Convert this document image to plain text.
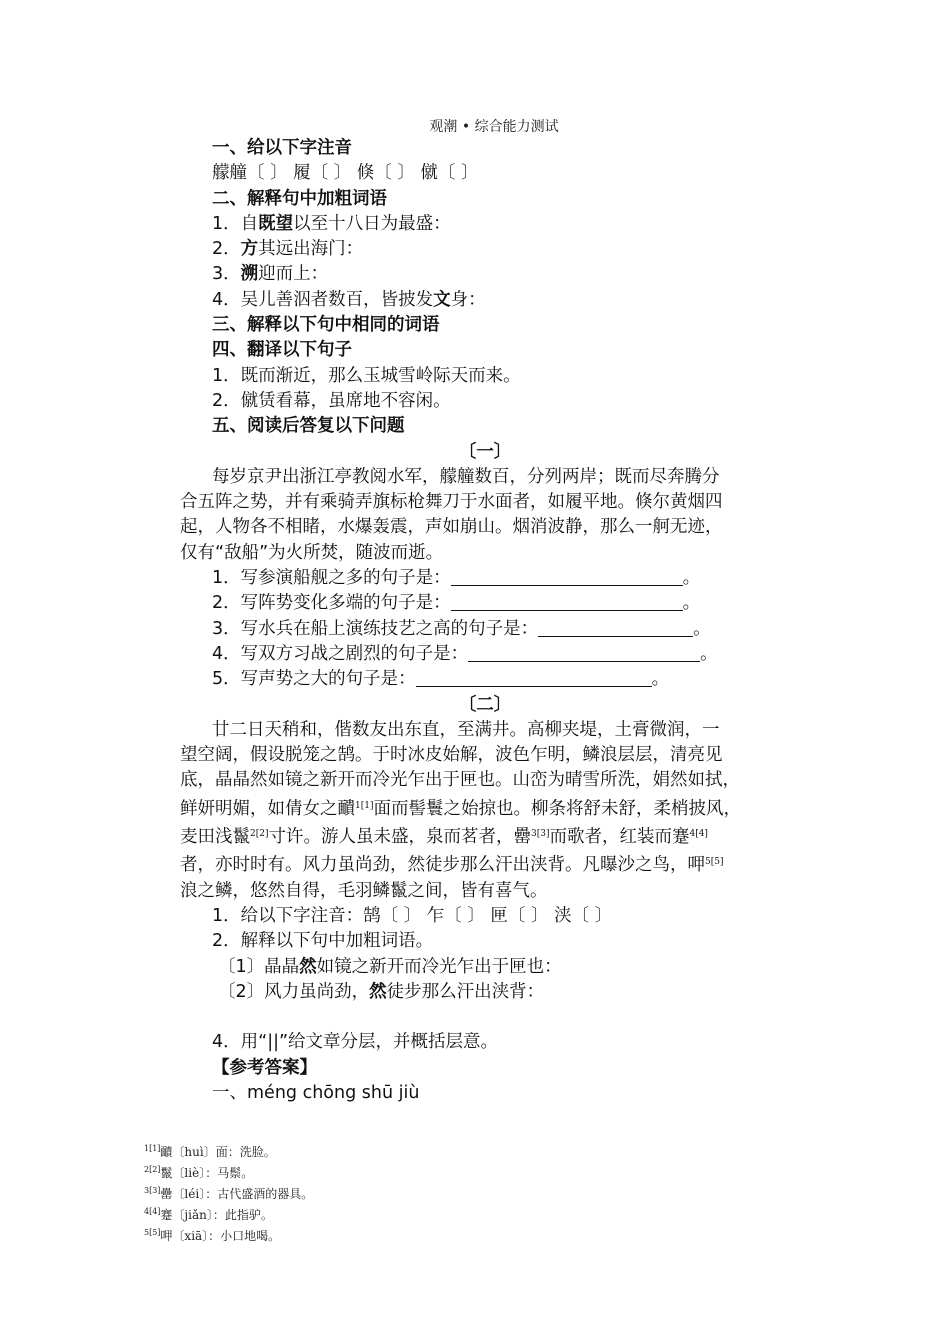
观潮 • 综合能力测试
一、给以下字注音
艨艟〔 〕 履〔 〕 倏〔 〕 僦〔 〕
二、解释句中加粗词语
1．自既望以至十八日为最盛：
2．方其远出海门：
3．溯迎而上：
4．吴儿善泅者数百，皆披发文身：
三、解释以下句中相同的词语
四、翻译以下句子
1．既而渐近，那么玉城雪岭际天而来。
2．僦赁看幕，虽席地不容闲。
五、阅读后答复以下问题
〔一〕
每岁京尹出浙江亭教阅水军，艨艟数百，分列两岸；既而尽奔腾分
合五阵之势，并有乘骑弄旗标枪舞刀于水面者，如履平地。倏尔黄烟四
起，人物各不相睹，水爆轰震，声如崩山。烟消波静，那么一舸无迹，
仅有“敌船”为火所焚，随波而逝。
1．写参演船舰之多的句子是：	。
2．写阵势变化多端的句子是：	。
3．写水兵在船上演练技艺之高的句子是：	。
4．写双方习战之剧烈的句子是：	。
5．写声势之大的句子是：	。
〔二〕
廿二日天稍和，偕数友出东直，至满井。高柳夹堤，土膏微润，一
望空阔，假设脱笼之鹄。于时冰皮始解，波色乍明，鳞浪层层，清亮见
底，晶晶然如镜之新开而冷光乍出于匣也。山峦为晴雪所洗，娟然如拭，
鲜妍明媚，如倩女之靧$^{1[1]}$面而髻鬟之始掠也。柳条将舒未舒，柔梢披风，
麦田浅鬣$^{2[2]}$寸许。游人虽未盛，泉而茗者，罍$^{3[3]}$而歌者，红装而蹇$^{4[4]}$
者，亦时时有。风力虽尚劲，然徒步那么汗出浃背。凡曝沙之鸟，呷$^{5[5]}$
浪之鳞，悠然自得，毛羽鳞鬣之间，皆有喜气。
1．给以下字注音：鹄〔 〕 乍〔 〕 匣〔 〕 浃〔 〕
2．解释以下句中加粗词语。
〔1〕晶晶然如镜之新开而冷光乍出于匣也：
〔2〕风力虽尚劲，然徒步那么汗出浃背：
4．用“||”给文章分层，并概括层意。
【参考答案】
一、méng chōng shū jiù
$^{1[1]}$靧〔huì〕面：洗脸。
$^{2[2]}$鬣〔liè〕：马鬃。
$^{3[3]}$罍〔léi〕：古代盛酒的器具。
$^{4[4]}$蹇〔jiǎn〕：此指驴。
$^{5[5]}$呷〔xiā〕：小口地喝。
